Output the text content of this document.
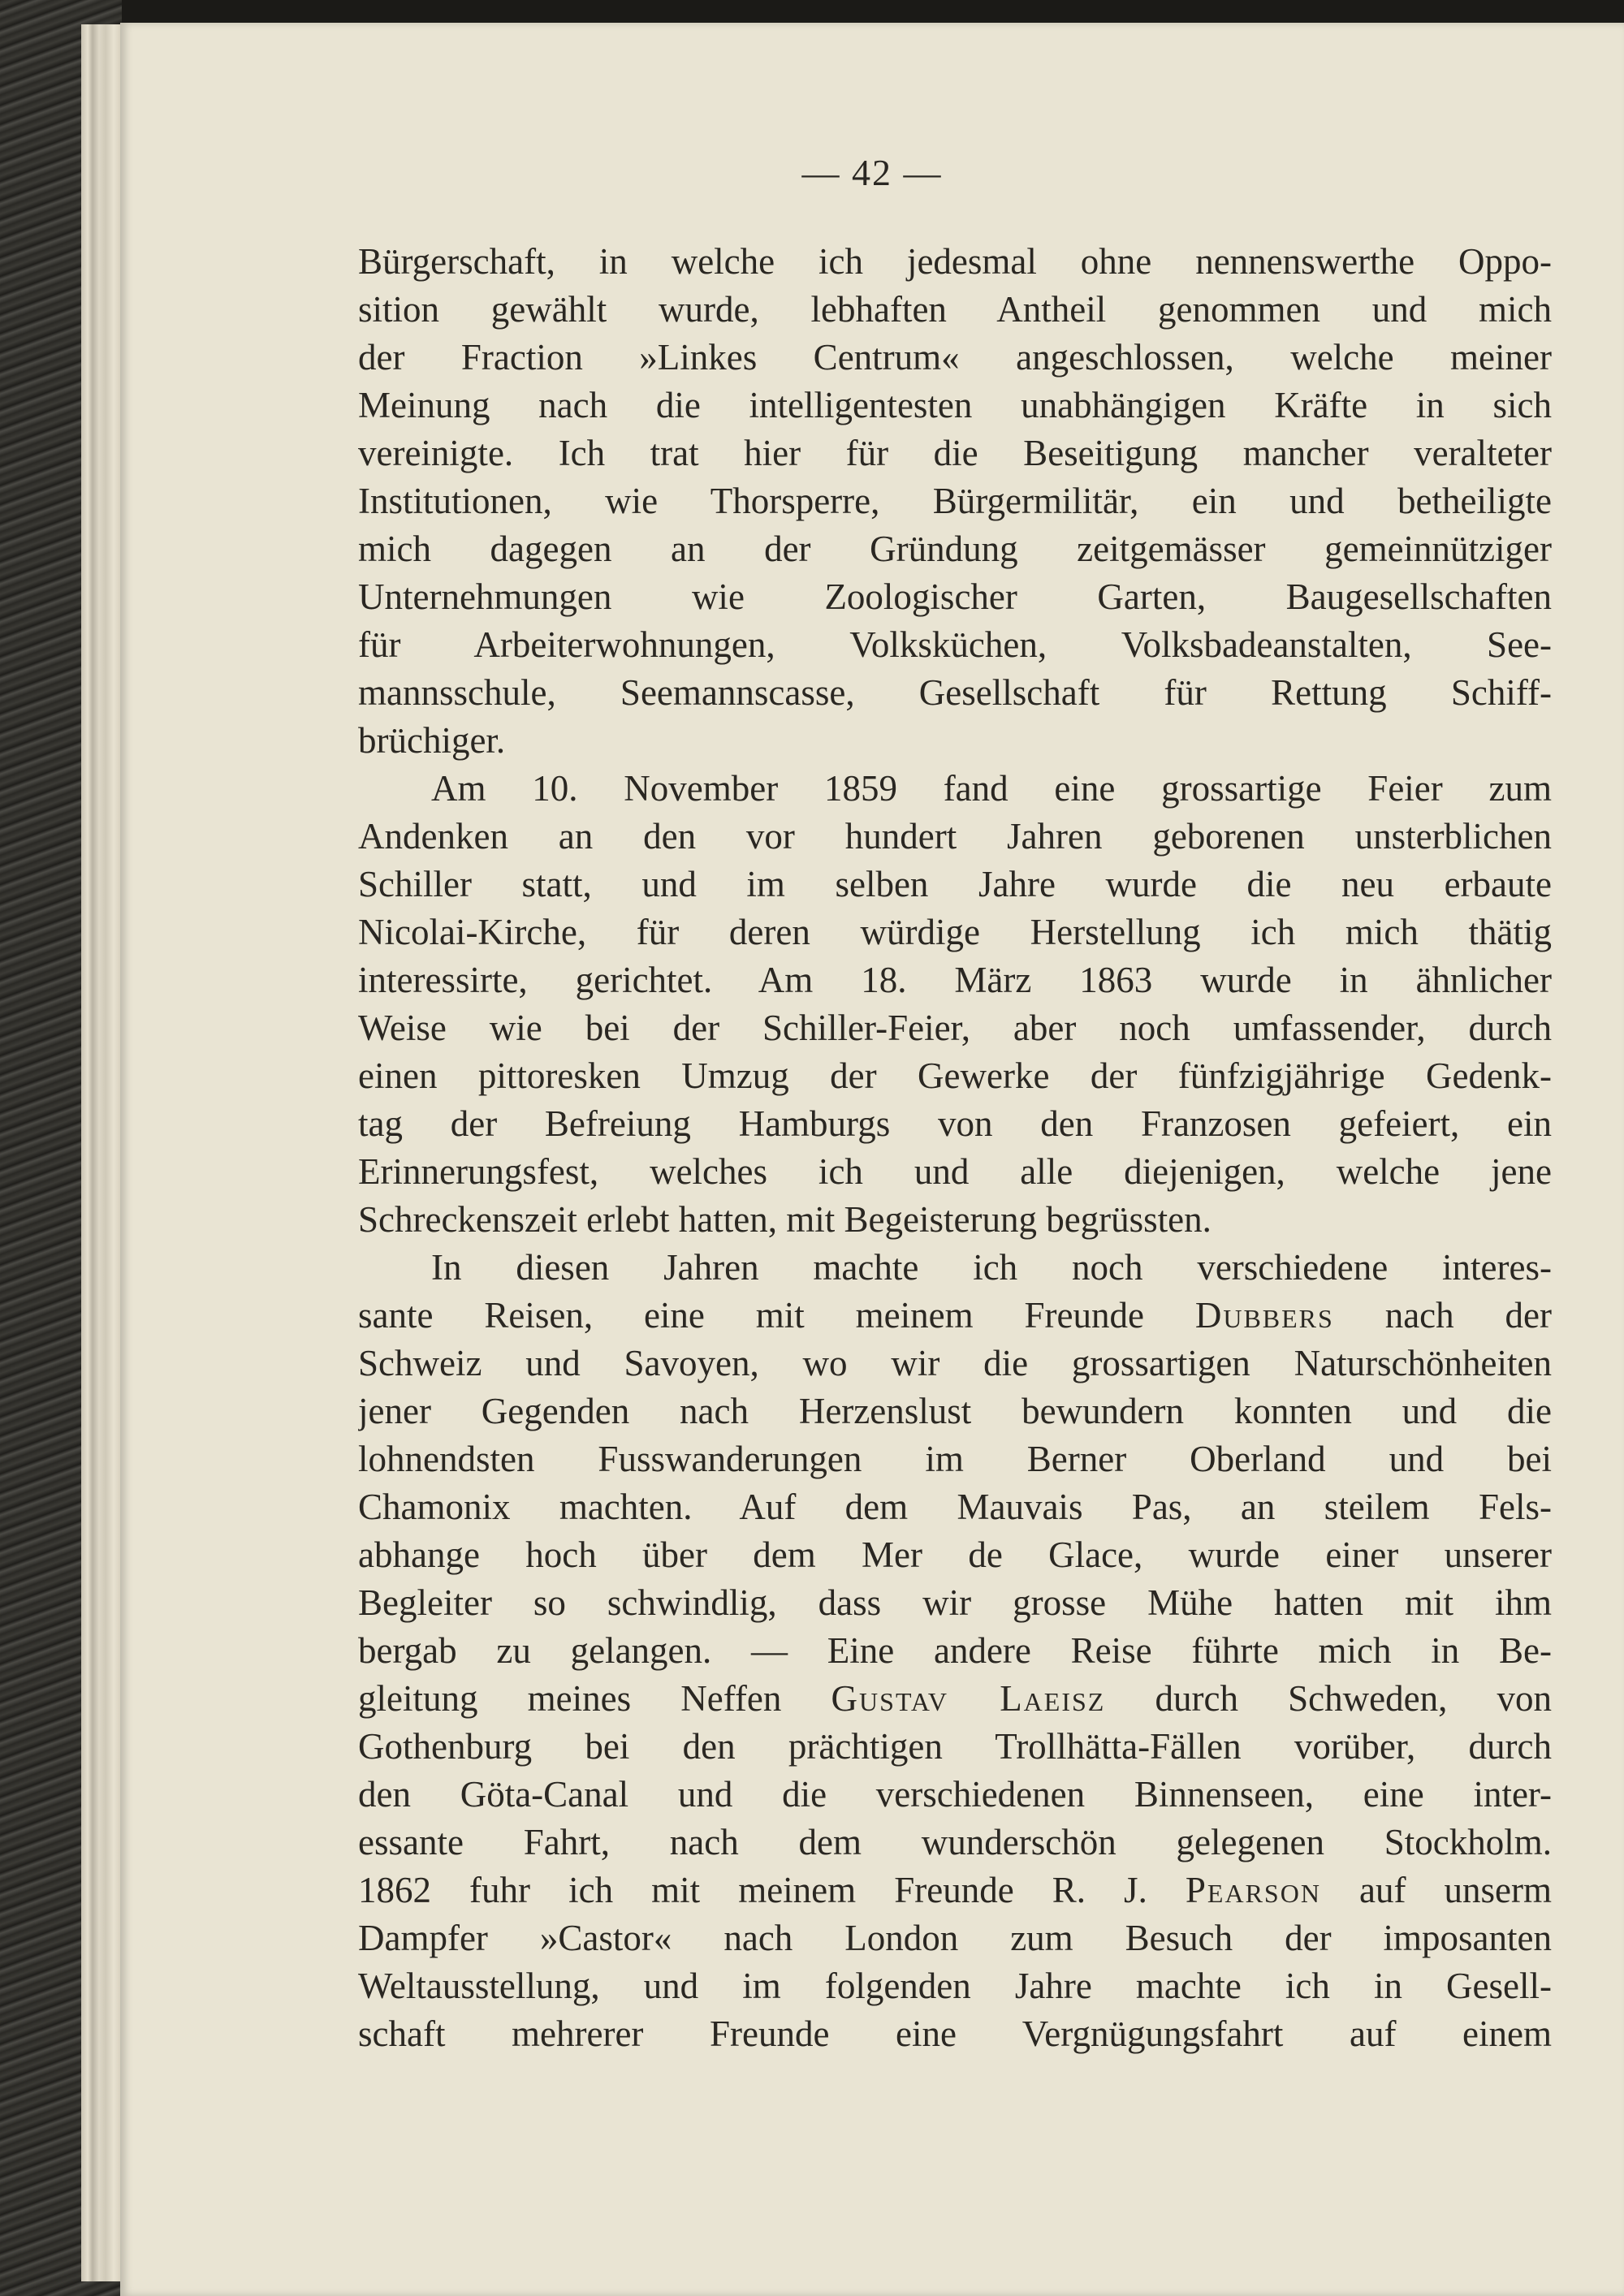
— 42 —
Bürgerschaft, in welche ich jedesmal ohne nennenswerthe Oppo-
sition gewählt wurde, lebhaften Antheil genommen und mich
der Fraction »Linkes Centrum« angeschlossen, welche meiner
Meinung nach die intelligentesten unabhängigen Kräfte in sich
vereinigte. Ich trat hier für die Beseitigung mancher veralteter
Institutionen, wie Thorsperre, Bürgermilitär, ein und betheiligte
mich dagegen an der Gründung zeitgemässer gemeinnütziger
Unternehmungen wie Zoologischer Garten, Baugesellschaften
für Arbeiterwohnungen, Volksküchen, Volksbadeanstalten, See-
mannsschule, Seemannscasse, Gesellschaft für Rettung Schiff-
brüchiger.
Am 10. November 1859 fand eine grossartige Feier zum
Andenken an den vor hundert Jahren geborenen unsterblichen
Schiller statt, und im selben Jahre wurde die neu erbaute
Nicolai-Kirche, für deren würdige Herstellung ich mich thätig
interessirte, gerichtet. Am 18. März 1863 wurde in ähnlicher
Weise wie bei der Schiller-Feier, aber noch umfassender, durch
einen pittoresken Umzug der Gewerke der fünfzigjährige Gedenk-
tag der Befreiung Hamburgs von den Franzosen gefeiert, ein
Erinnerungsfest, welches ich und alle diejenigen, welche jene
Schreckenszeit erlebt hatten, mit Begeisterung begrüssten.
In diesen Jahren machte ich noch verschiedene interes-
sante Reisen, eine mit meinem Freunde Dubbers nach der
Schweiz und Savoyen, wo wir die grossartigen Naturschönheiten
jener Gegenden nach Herzenslust bewundern konnten und die
lohnendsten Fusswanderungen im Berner Oberland und bei
Chamonix machten. Auf dem Mauvais Pas, an steilem Fels-
abhange hoch über dem Mer de Glace, wurde einer unserer
Begleiter so schwindlig, dass wir grosse Mühe hatten mit ihm
bergab zu gelangen. — Eine andere Reise führte mich in Be-
gleitung meines Neffen Gustav Laeisz durch Schweden, von
Gothenburg bei den prächtigen Trollhätta-Fällen vorüber, durch
den Göta-Canal und die verschiedenen Binnenseen, eine inter-
essante Fahrt, nach dem wunderschön gelegenen Stockholm.
1862 fuhr ich mit meinem Freunde R. J. Pearson auf unserm
Dampfer »Castor« nach London zum Besuch der imposanten
Weltausstellung, und im folgenden Jahre machte ich in Gesell-
schaft mehrerer Freunde eine Vergnügungsfahrt auf einem
